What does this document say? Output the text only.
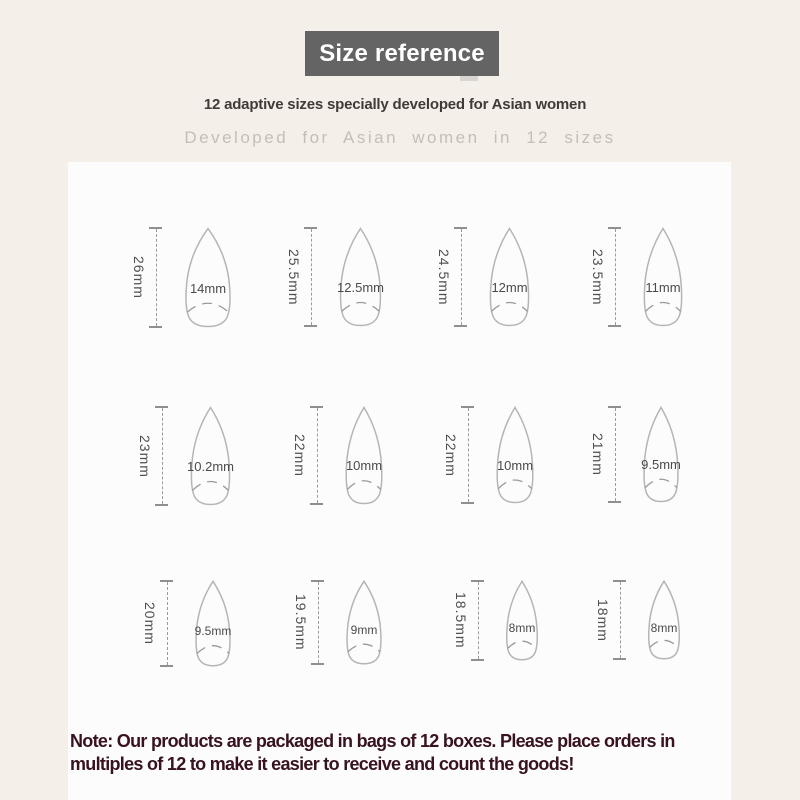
Size reference
12 adaptive sizes specially developed for Asian women
Developed for Asian women in 12 sizes
26mm	14mm	25.5mm	12.5mm	24.5mm	12mm	23.5mm	11mm
23mm	10.2mm	22mm	10mm	22mm	10mm	21mm	9.5mm
20mm	9.5mm	19.5mm	9mm	18.5mm	8mm	18mm	8mm
Note: Our products are packaged in bags of 12 boxes. Please place orders in
multiples of 12 to make it easier to receive and count the goods!
